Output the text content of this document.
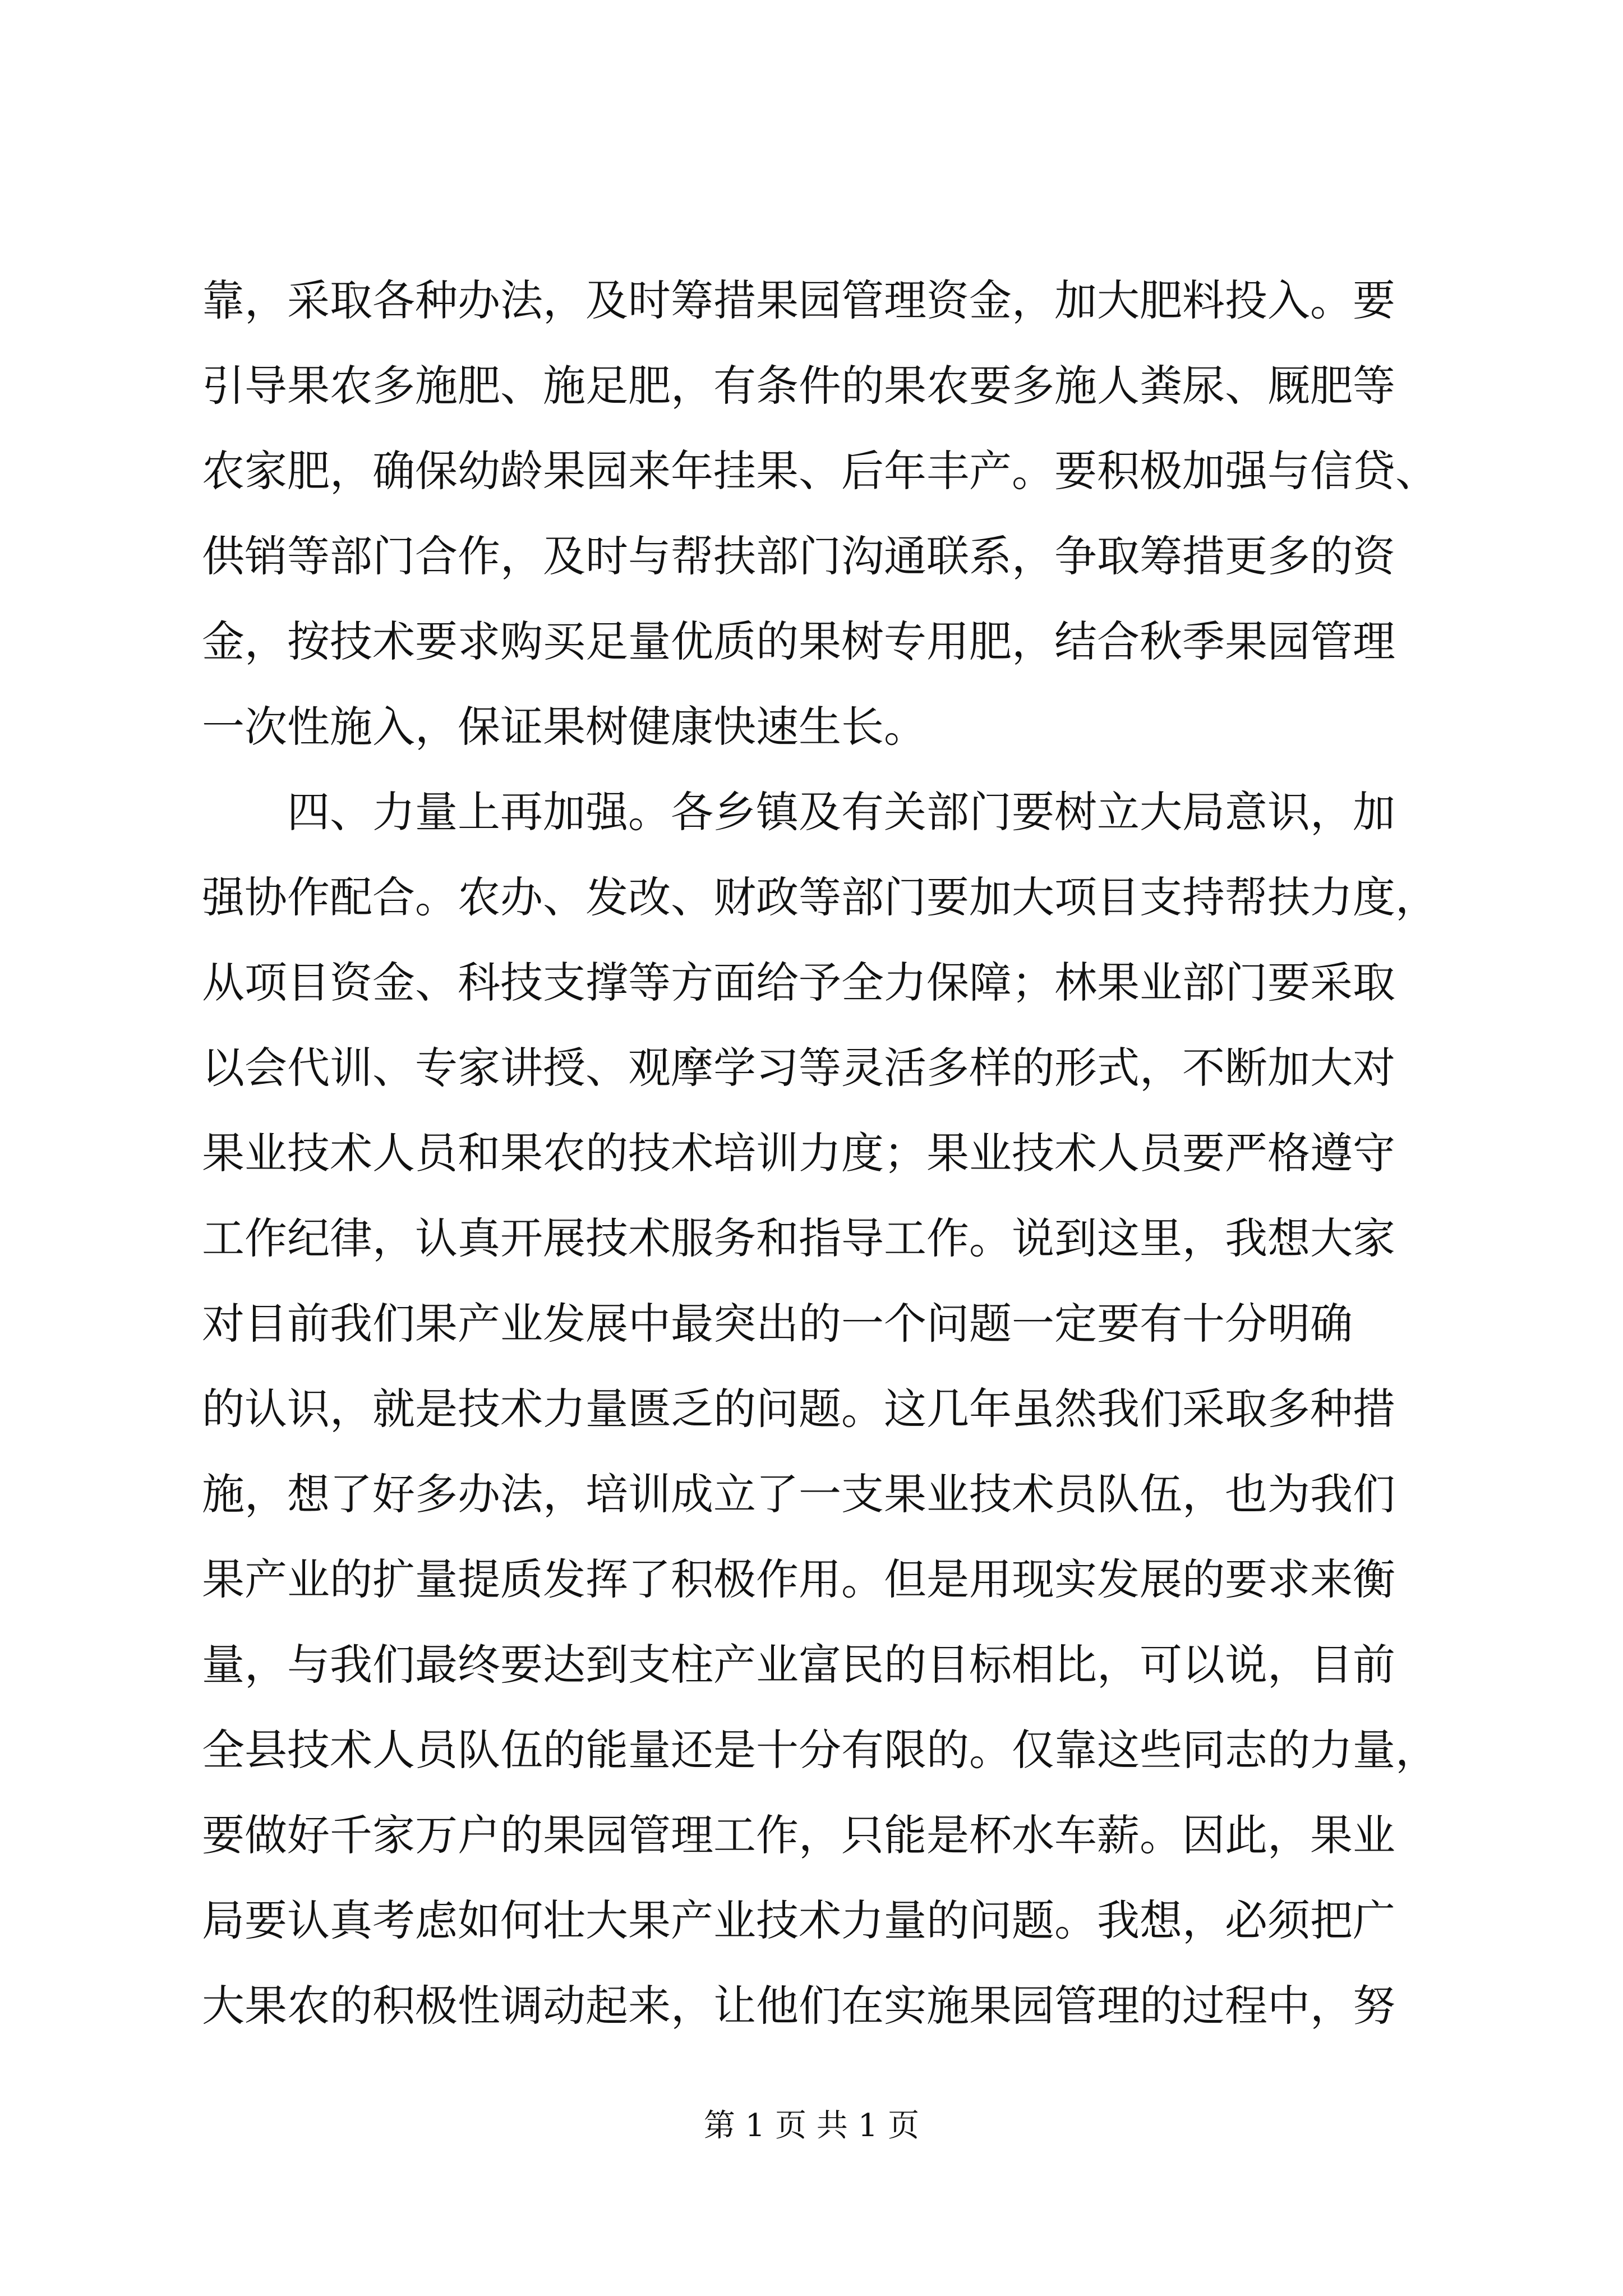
靠，采取各种办法，及时筹措果园管理资金，加大肥料投入。要
引导果农多施肥、施足肥，有条件的果农要多施人粪尿、厩肥等
农家肥，确保幼龄果园来年挂果、后年丰产。要积极加强与信贷、
供销等部门合作，及时与帮扶部门沟通联系，争取筹措更多的资
金，按技术要求购买足量优质的果树专用肥，结合秋季果园管理
一次性施入，保证果树健康快速生长。
　　四、力量上再加强。各乡镇及有关部门要树立大局意识，加
强协作配合。农办、发改、财政等部门要加大项目支持帮扶力度，
从项目资金、科技支撑等方面给予全力保障；林果业部门要采取
以会代训、专家讲授、观摩学习等灵活多样的形式，不断加大对
果业技术人员和果农的技术培训力度；果业技术人员要严格遵守
工作纪律，认真开展技术服务和指导工作。说到这里，我想大家
对目前我们果产业发展中最突出的一个问题一定要有十分明确
的认识，就是技术力量匮乏的问题。这几年虽然我们采取多种措
施，想了好多办法，培训成立了一支果业技术员队伍，也为我们
果产业的扩量提质发挥了积极作用。但是用现实发展的要求来衡
量，与我们最终要达到支柱产业富民的目标相比，可以说，目前
全县技术人员队伍的能量还是十分有限的。仅靠这些同志的力量，
要做好千家万户的果园管理工作，只能是杯水车薪。因此，果业
局要认真考虑如何壮大果产业技术力量的问题。我想，必须把广
大果农的积极性调动起来，让他们在实施果园管理的过程中，努
第 1 页 共 1 页
